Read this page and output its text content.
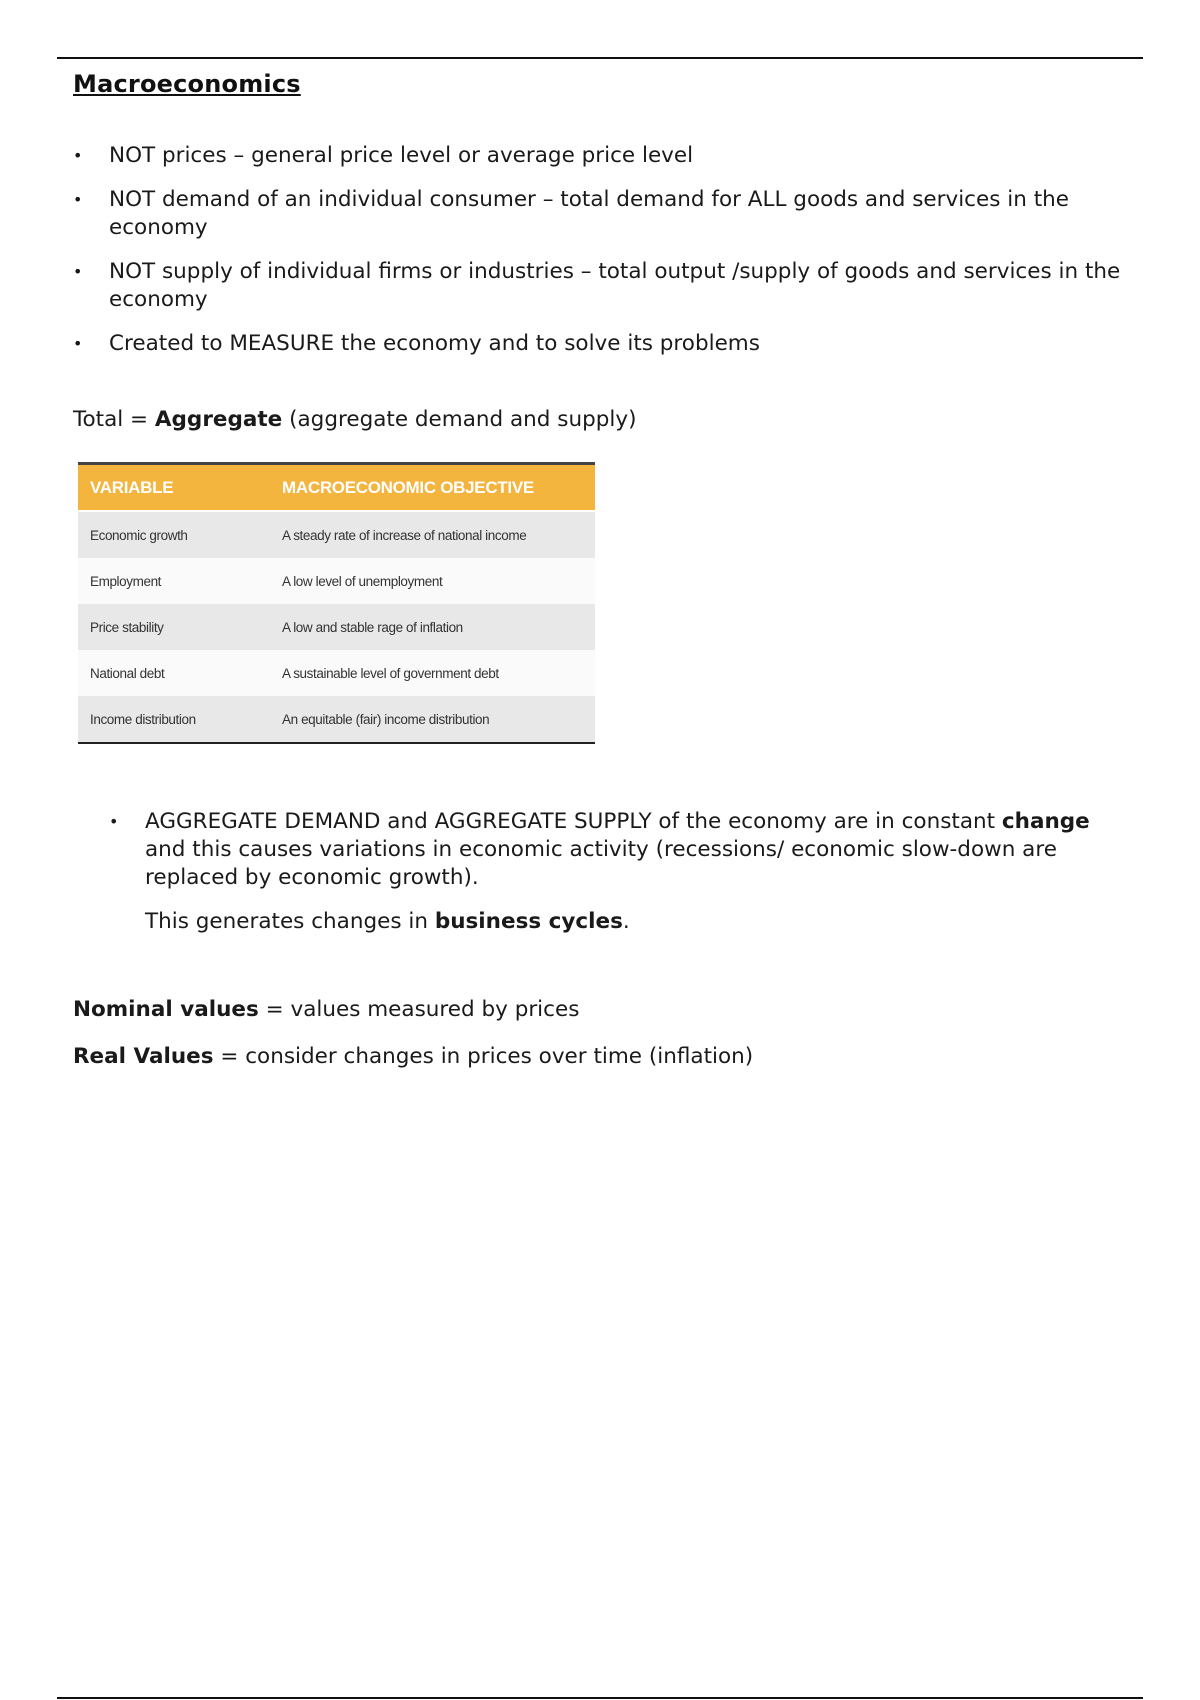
Macroeconomics
• NOT prices – general price level or average price level
• NOT demand of an individual consumer – total demand for ALL goods and services in the economy
• NOT supply of individual firms or industries – total output /supply of goods and services in the economy
• Created to MEASURE the economy and to solve its problems
Total = Aggregate (aggregate demand and supply)
VARIABLE	MACROECONOMIC OBJECTIVE
Economic growth	A steady rate of increase of national income
Employment	A low level of unemployment
Price stability	A low and stable rage of inflation
National debt	A sustainable level of government debt
Income distribution	An equitable (fair) income distribution
• AGGREGATE DEMAND and AGGREGATE SUPPLY of the economy are in constant change and this causes variations in economic activity (recessions/ economic slow-down are replaced by economic growth).

This generates changes in business cycles.

Nominal values = values measured by prices
Real Values = consider changes in prices over time (inflation)
